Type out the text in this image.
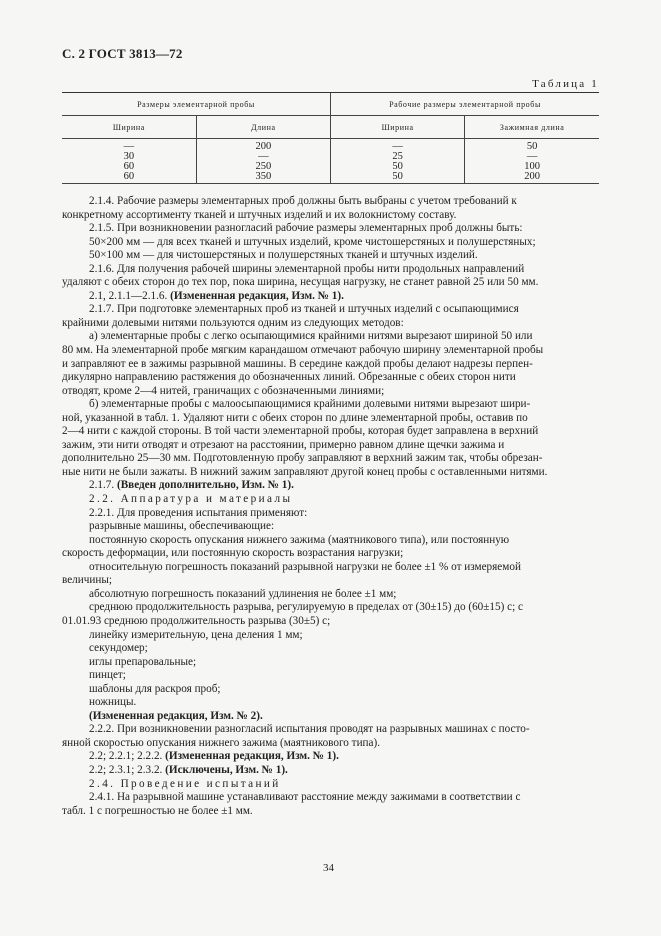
С. 2 ГОСТ 3813—72
Таблица 1
Размеры элементарной пробы		Рабочие размеры элементарной пробы	
Ширина	Длина	Ширина	Зажимная длина
—	200	—	50
30	—	25	—
60	250	50	100
60	350	50	200

2.1.4. Рабочие размеры элементарных проб должны быть выбраны с учетом требований к

конкретному ассортименту тканей и штучных изделий и их волокнистому составу.

2.1.5. При возникновении разногласий рабочие размеры элементарных проб должны быть:

50×200 мм — для всех тканей и штучных изделий, кроме чистошерстяных и полушерстяных;

50×100 мм — для чистошерстяных и полушерстяных тканей и штучных изделий.

2.1.6. Для получения рабочей ширины элементарной пробы нити продольных направлений

удаляют с обеих сторон до тех пор, пока ширина, несущая нагрузку, не станет равной 25 или 50 мм.

2.1, 2.1.1—2.1.6. (Измененная редакция, Изм. № 1).

2.1.7. При подготовке элементарных проб из тканей и штучных изделий с осыпающимися

крайними долевыми нитями пользуются одним из следующих методов:

а) элементарные пробы с легко осыпающимися крайними нитями вырезают шириной 50 или

80 мм. На элементарной пробе мягким карандашом отмечают рабочую ширину элементарной пробы

и заправляют ее в зажимы разрывной машины. В середине каждой пробы делают надрезы перпен-

дикулярно направлению растяжения до обозначенных линий. Обрезанные с обеих сторон нити

отводят, кроме 2—4 нитей, граничащих с обозначенными линиями;

б) элементарные пробы с малоосыпающимися крайними долевыми нитями вырезают шири-

ной, указанной в табл. 1. Удаляют нити с обеих сторон по длине элементарной пробы, оставив по

2—4 нити с каждой стороны. В той части элементарной пробы, которая будет заправлена в верхний

зажим, эти нити отводят и отрезают на расстоянии, примерно равном длине щечки зажима и

дополнительно 25—30 мм. Подготовленную пробу заправляют в верхний зажим так, чтобы обрезан-

ные нити не были зажаты. В нижний зажим заправляют другой конец пробы с оставленными нитями.

2.1.7. (Введен дополнительно, Изм. № 1).

2.2. Аппаратура и материалы

2.2.1. Для проведения испытания применяют:

разрывные машины, обеспечивающие:

постоянную скорость опускания нижнего зажима (маятникового типа), или постоянную

скорость деформации, или постоянную скорость возрастания нагрузки;

относительную погрешность показаний разрывной нагрузки не более ±1 % от измеряемой

величины;

абсолютную погрешность показаний удлинения не более ±1 мм;

среднюю продолжительность разрыва, регулируемую в пределах от (30±15) до (60±15) с; с

01.01.93 среднюю продолжительность разрыва (30±5) с;

линейку измерительную, цена деления 1 мм;

секундомер;

иглы препаровальные;

пинцет;

шаблоны для раскроя проб;

ножницы.

(Измененная редакция, Изм. № 2).

2.2.2. При возникновении разногласий испытания проводят на разрывных машинах с посто-

янной скоростью опускания нижнего зажима (маятникового типа).

2.2; 2.2.1; 2.2.2. (Измененная редакция, Изм. № 1).

2.2; 2.3.1; 2.3.2. (Исключены, Изм. № 1).

2.4. Проведение испытаний

2.4.1. На разрывной машине устанавливают расстояние между зажимами в соответствии с

табл. 1 с погрешностью не более ±1 мм.

34
